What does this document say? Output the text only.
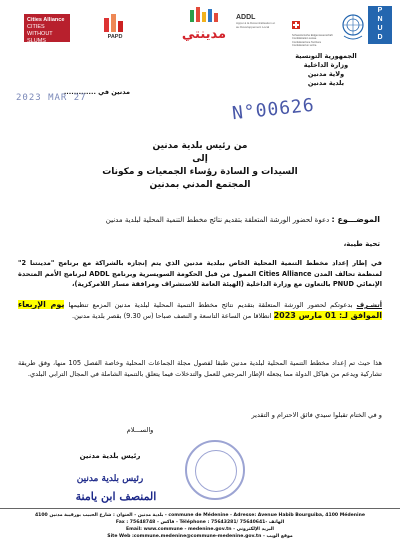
Cities Alliance
CITIES WITHOUT SLUMS
PAPD	مدينتي
ADDL
Appui à la Décentralisation et au Développement Local
Schweizerische Eidgenossenschaft
Confédération suisse
Confederazione Svizzera
Confederaziun svizra
P
N
U
D
الجمهورية التونسية
وزارة الداخلية
ولاية مدنين
بلدية مدنين
مدنين في .............
2023 MAR 27	N°00626
من رئيس بلدية مدنين
إلى
السيدات و السادة رؤساء الجمعيات و مكونات
المجتمع المدني بمدنين
الموضـــوع : دعوة لحضور الورشة المتعلقة بتقديم نتائج مخطط التنمية المحلية لبلدية مدنين
تحية طيبة،
في إطار إعداد مخطط التنمية المحلية الخاص ببلدية مدنين الذي يتم إنجازه بالشراكة مع برنامج "مدينتنا 2" لمنظمة تحالف المدن Cities Alliance الممول من قبل الحكومة السويسرية وبرنامج ADDL لبرنامج الأمم المتحدة الإنمائي PNUD بالتعاون مع وزارة الداخلية (الهيئة العامة للاستشراف ومرافقة مسار اللامركزية)،
أتشـرف بدعوتكم لحضور الورشة المتعلقة بتقديم نتائج مخطط التنمية المحلية لبلدية مدنين المزمع تنظيمها يوم الإربعاء الموافق لـ: 01 مارس 2023 انطلاقا من الساعة التاسعة و النصف صباحا (س 9.30) بقصر بلدية مدنين.
هذا حيث تم إعداد مخطط التنمية المحلية لبلدية مدنين طبقا لفصول مجلة الجماعات المحلية وخاصة الفصل 105 منها، وفق طريقة تشاركية ويدعم من هياكل الدولة مما يجعله الإطار المرجعي للعمل والتدخلات فيما يتعلق بالتنمية الشاملة في المجال الترابي البلدي.
و في الختام تقبلوا سيدي فائق الاحترام و التقدير
والســـلام
رئيس بلدية مدنين
رئيس بلدية مدنين
المنصف ابن يامنة
بلدية مدنين - العنوان : شارع الحبيب بورقيبة مدنين 4100 - commune de Médenine - Adresse: Avenue Habib Bourguiba, 4100 Médenine
Fax : 75648748 - فاكس - Téléphone : 75643281/ 75640641- الهاتف
Email: www.commune - medenine.gov.tn - البريد الإلكتروني
Site Web :commune.medenine@commune-medenine.gov.tn - موقع الويب
